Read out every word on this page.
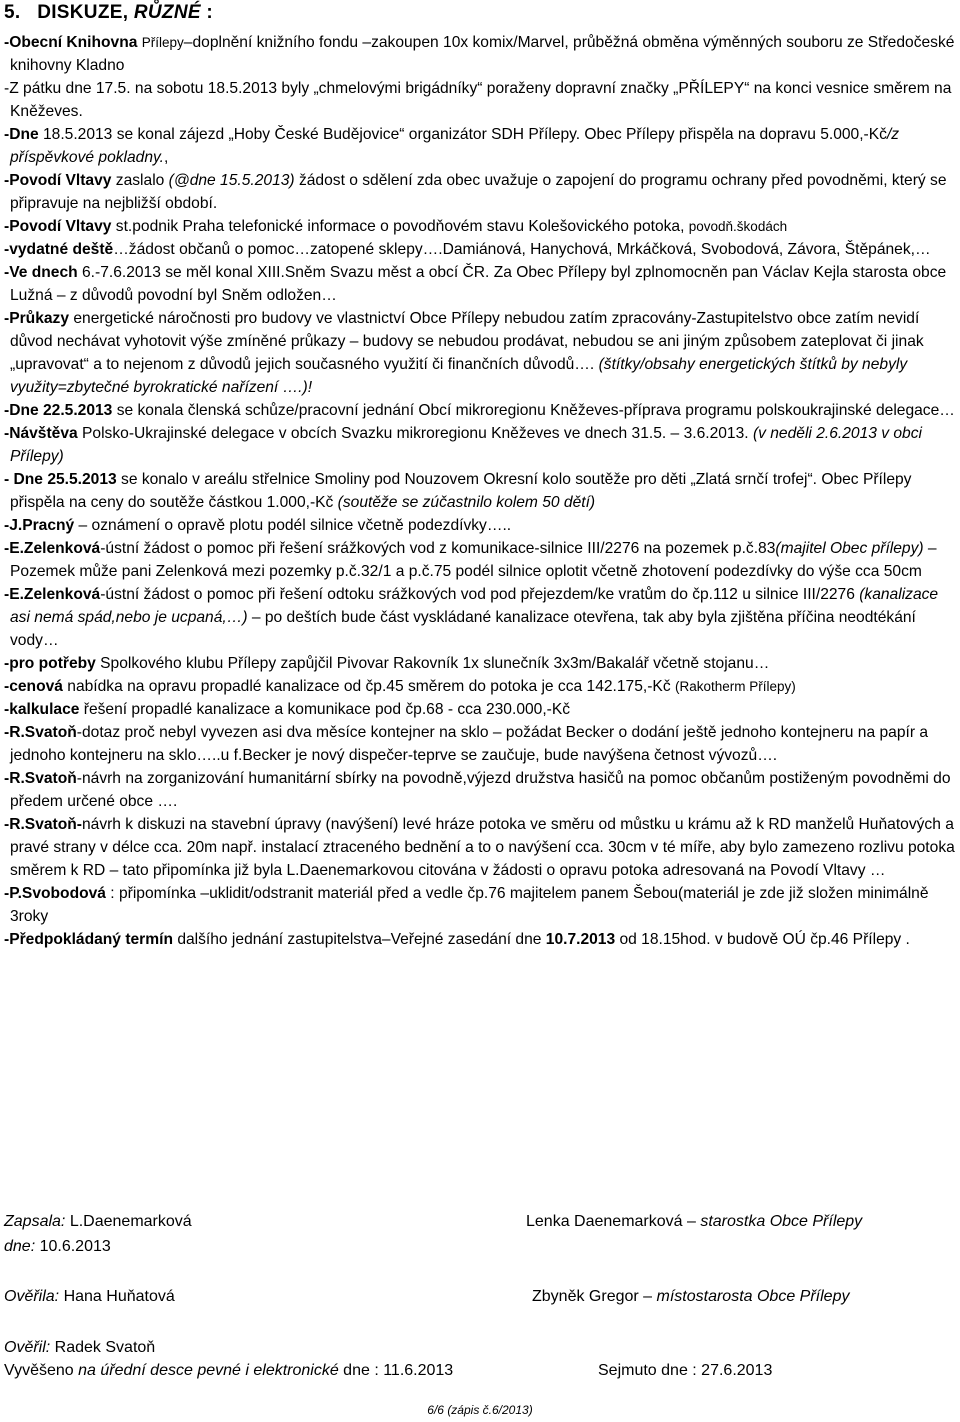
5. DISKUZE, RŮZNÉ :
-Obecní Knihovna Přílepy–doplnění knižního fondu –zakoupen 10x komix/Marvel, průběžná obměna výměnných souboru ze Středočeské knihovny Kladno
-Z pátku dne 17.5. na sobotu 18.5.2013 byly „chmelovými brigádníky“ poraženy dopravní značky „PŘÍLEPY“ na konci vesnice směrem na Kněževes.
-Dne 18.5.2013 se konal zájezd „Hoby České Budějovice“ organizátor SDH Přílepy. Obec Přílepy přispěla na dopravu 5.000,-Kč/z příspěvkové pokladny.,
-Povodí Vltavy zaslalo (@dne 15.5.2013) žádost o sdělení zda obec uvažuje o zapojení do programu ochrany před povodněmi, který se připravuje na nejbližší období.
-Povodí Vltavy st.podnik Praha telefonické informace o povodňovém stavu Kolešovického potoka, povodň.škodách
-vydatné deště…žádost občanů o pomoc…zatopené sklepy….Damiánová, Hanychová, Mrkáčková, Svobodová, Závora, Štěpánek,…
-Ve dnech 6.-7.6.2013 se měl konal XIII.Sněm Svazu měst a obcí ČR. Za Obec Přílepy byl zplnomocněn pan Václav Kejla starosta obce Lužná – z důvodů povodní byl Sněm odložen…
-Průkazy energetické náročnosti pro budovy ve vlastnictví Obce Přílepy nebudou zatím zpracovány-Zastupitelstvo obce zatím nevidí důvod nechávat vyhotovit výše zmíněné průkazy – budovy se nebudou prodávat, nebudou se ani jiným způsobem zateplovat či jinak „upravovat“ a to nejenom z důvodů jejich současného využití či finančních důvodů…. (štítky/obsahy energetických štítků by nebyly využity=zbytečné byrokratické nařízení ….)!
-Dne 22.5.2013 se konala členská schůze/pracovní jednání Obcí mikroregionu Kněževes-příprava programu polskoukrajinské delegace…
-Návštěva Polsko-Ukrajinské delegace v obcích Svazku mikroregionu Kněževes ve dnech 31.5. – 3.6.2013. (v neděli 2.6.2013 v obci Přílepy)
- Dne 25.5.2013 se konalo v areálu střelnice Smoliny pod Nouzovem Okresní kolo soutěže pro děti „Zlatá srnčí trofej“. Obec Přílepy přispěla na ceny do soutěže částkou 1.000,-Kč (soutěže se zúčastnilo kolem 50 dětí)
-J.Pracný – oznámení o opravě plotu podél silnice včetně podezdívky…..
-E.Zelenková-ústní žádost o pomoc při řešení srážkových vod z komunikace-silnice III/2276 na pozemek p.č.83(majitel Obec přílepy) – Pozemek může pani Zelenková mezi pozemky p.č.32/1 a p.č.75 podél silnice oplotit včetně zhotovení podezdívky do výše cca 50cm
-E.Zelenková-ústní žádost o pomoc při řešení odtoku srážkových vod pod přejezdem/ke vratům do čp.112 u silnice III/2276 (kanalizace asi nemá spád,nebo je ucpaná,…) – po deštích bude část vyskládané kanalizace otevřena, tak aby byla zjištěna příčina neodtékání vody…
-pro potřeby Spolkového klubu Přílepy zapůjčil Pivovar Rakovník 1x slunečník 3x3m/Bakalář včetně stojanu…
-cenová nabídka na opravu propadlé kanalizace od čp.45 směrem do potoka je cca 142.175,-Kč (Rakotherm Přílepy)
-kalkulace řešení propadlé kanalizace a komunikace pod čp.68 - cca 230.000,-Kč
-R.Svatoň-dotaz proč nebyl vyvezen asi dva měsíce kontejner na sklo – požádat Becker o dodání ještě jednoho kontejneru na papír a jednoho kontejneru na sklo…..u f.Becker je nový dispečer-teprve se zaučuje, bude navýšena četnost vývozů….
-R.Svatoň-návrh na zorganizování humanitární sbírky na povodně,výjezd družstva hasičů na pomoc občanům postiženým povodněmi do předem určené obce ….
-R.Svatoň-návrh k diskuzi na stavební úpravy (navýšení) levé hráze potoka ve směru od můstku u krámu až k RD manželů Huňatových a pravé strany v délce cca. 20m např. instalací ztraceného bednění a to o navýšení cca. 30cm v té míře, aby bylo zamezeno rozlivu potoka směrem k RD – tato připomínka již byla L.Daenemarkovou citována v žádosti o opravu potoka adresovaná na Povodí Vltavy …
-P.Svobodová : připomínka –uklidit/odstranit materiál před a vedle čp.76 majitelem panem Šebou(materiál je zde již složen minimálně 3roky
-Předpokládaný termín dalšího jednání zastupitelstva–Veřejné zasedání dne 10.7.2013 od 18.15hod. v budově OÚ čp.46 Přílepy .
Zapsala: L.Daenemarková
dne: 10.6.2013
Lenka Daenemarková – starostka Obce Přílepy
Ověřila: Hana Huňatová	Zbyněk Gregor – místostarosta Obce Přílepy
Ověřil: Radek Svatoň
Vyvěšeno na úřední desce pevné i elektronické dne : 11.6.2013	Sejmuto dne : 27.6.2013
6/6 (zápis č.6/2013)
